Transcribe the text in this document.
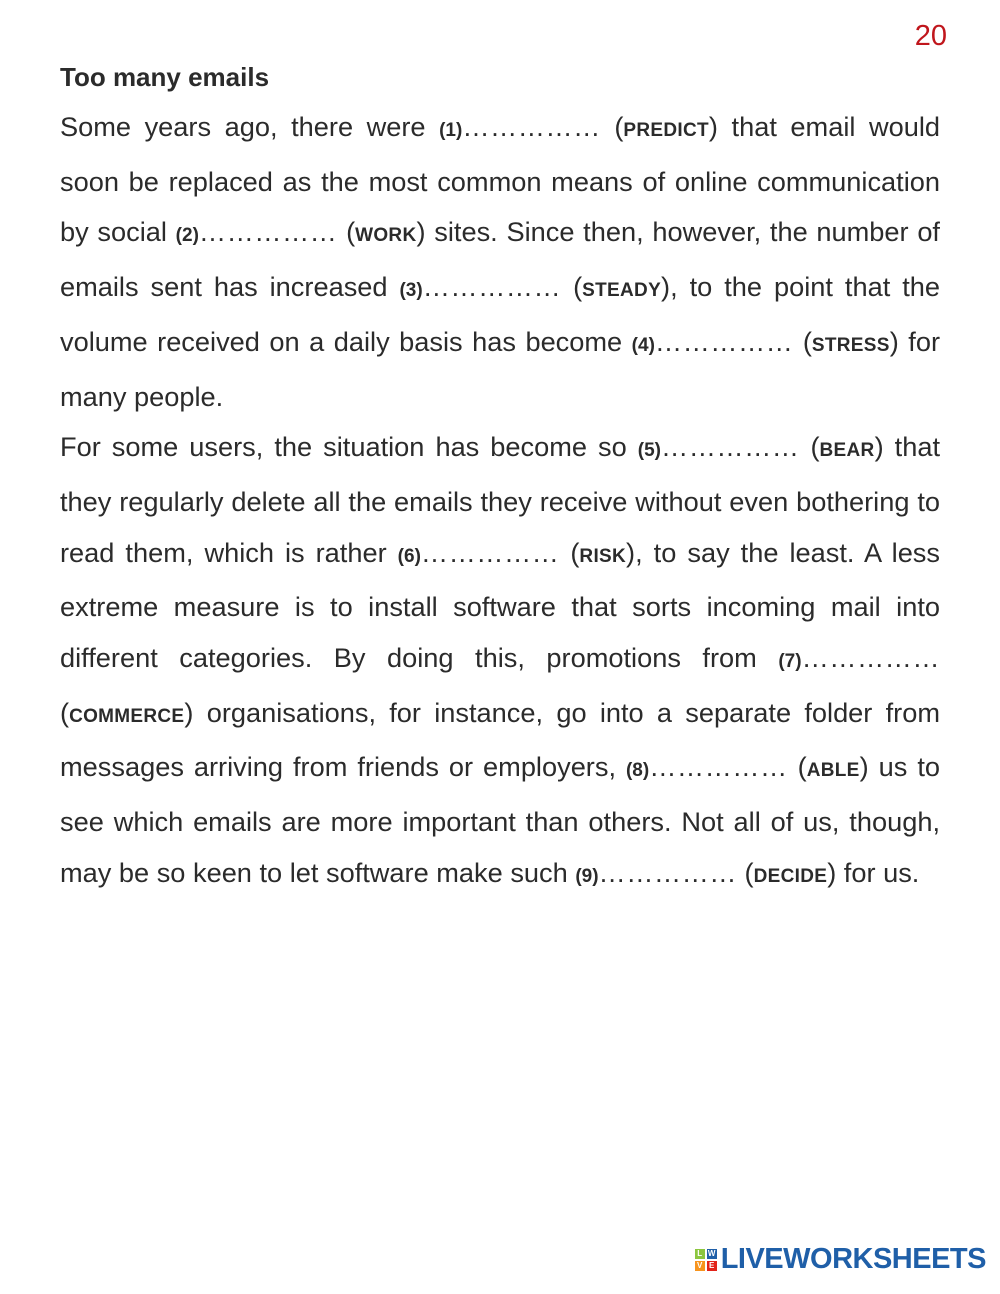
20
Too many emails

Some years ago, there were (1)…………… (PREDICT) that email would soon be replaced as the most common means of online communication by social (2)…………… (WORK) sites. Since then, however, the number of emails sent has increased (3)…………… (STEADY), to the point that the volume received on a daily basis has become (4)…………… (STRESS) for many people.

For some users, the situation has become so (5)…………… (BEAR) that they regularly delete all the emails they receive without even bothering to read them, which is rather (6)…………… (RISK), to say the least. A less extreme measure is to install software that sorts incoming mail into different categories. By doing this, promotions from (7)…………… (COMMERCE) organisations, for instance, go into a separate folder from messages arriving from friends or employers, (8)…………… (ABLE) us to see which emails are more important than others. Not all of us, though, may be so keen to let software make such (9)…………… (DECIDE) for us.

L W
V E LIVEWORKSHEETS
